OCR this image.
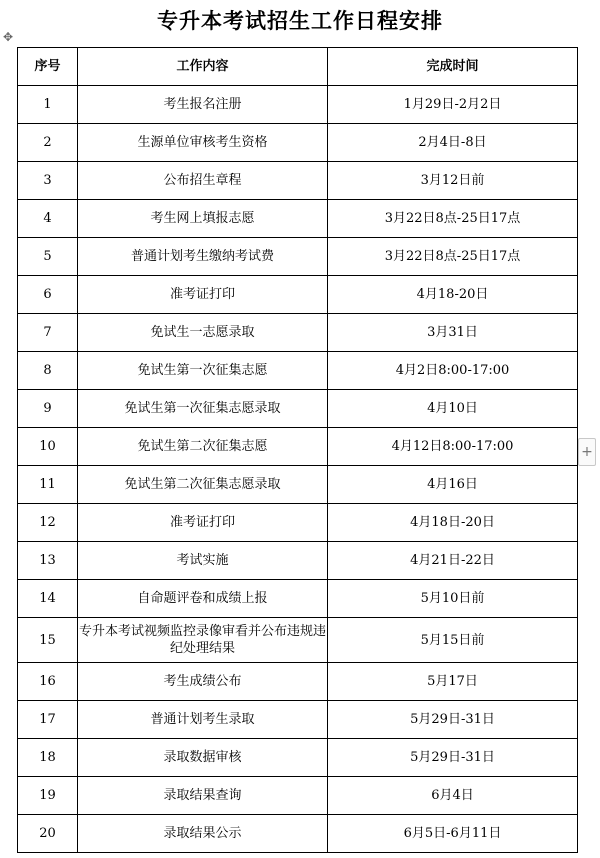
专升本考试招生工作日程安排
✥
+
序号	工作内容	完成时间
1	考生报名注册	1月29日-2月2日
2	生源单位审核考生资格	2月4日-8日
3	公布招生章程	3月12日前
4	考生网上填报志愿	3月22日8点-25日17点
5	普通计划考生缴纳考试费	3月22日8点-25日17点
6	准考证打印	4月18-20日
7	免试生一志愿录取	3月31日
8	免试生第一次征集志愿	4月2日8:00-17:00
9	免试生第一次征集志愿录取	4月10日
10	免试生第二次征集志愿	4月12日8:00-17:00
11	免试生第二次征集志愿录取	4月16日
12	准考证打印	4月18日-20日
13	考试实施	4月21日-22日
14	自命题评卷和成绩上报	5月10日前
15	专升本考试视频监控录像审看并公布违规违纪处理结果	5月15日前
16	考生成绩公布	5月17日
17	普通计划考生录取	5月29日-31日
18	录取数据审核	5月29日-31日
19	录取结果查询	6月4日
20	录取结果公示	6月5日-6月11日
